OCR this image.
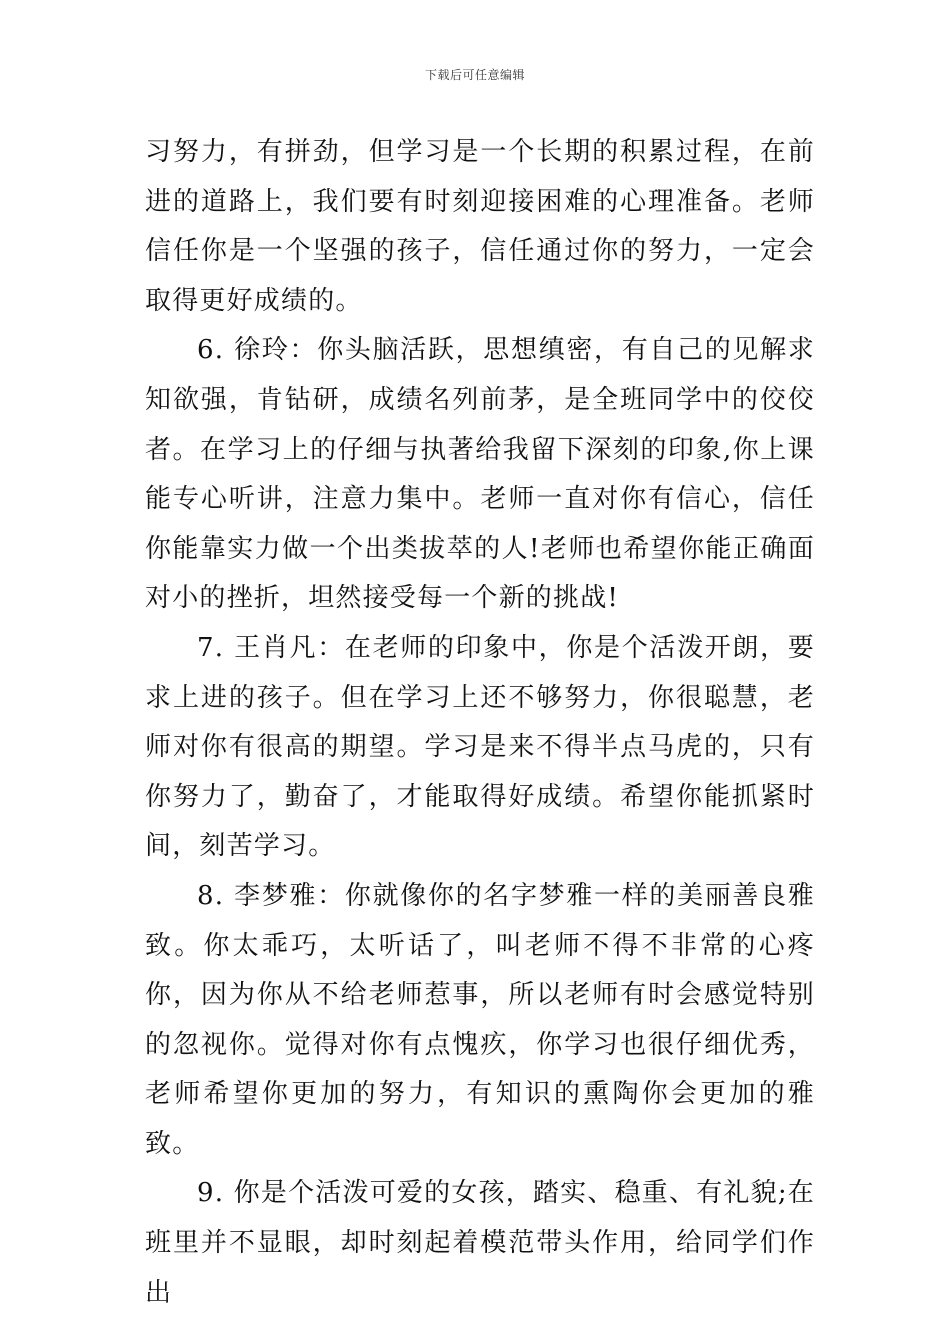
下载后可任意编辑

习努力，有拼劲，但学习是一个长期的积累过程，在前进的道路上，我们要有时刻迎接困难的心理准备。老师信任你是一个坚强的孩子，信任通过你的努力，一定会取得更好成绩的。

6. 徐玲：你头脑活跃，思想缜密，有自己的见解求知欲强，肯钻研，成绩名列前茅，是全班同学中的佼佼者。在学习上的仔细与执著给我留下深刻的印象,你上课能专心听讲，注意力集中。老师一直对你有信心，信任你能靠实力做一个出类拔萃的人!老师也希望你能正确面对小的挫折，坦然接受每一个新的挑战!

7. 王肖凡：在老师的印象中，你是个活泼开朗，要求上进的孩子。但在学习上还不够努力，你很聪慧，老师对你有很高的期望。学习是来不得半点马虎的，只有你努力了，勤奋了，才能取得好成绩。希望你能抓紧时间，刻苦学习。

8. 李梦雅：你就像你的名字梦雅一样的美丽善良雅致。你太乖巧，太听话了，叫老师不得不非常的心疼你，因为你从不给老师惹事，所以老师有时会感觉特别的忽视你。觉得对你有点愧疚，你学习也很仔细优秀，老师希望你更加的努力，有知识的熏陶你会更加的雅致。

9. 你是个活泼可爱的女孩，踏实、稳重、有礼貌;在班里并不显眼，却时刻起着模范带头作用，给同学们作出
